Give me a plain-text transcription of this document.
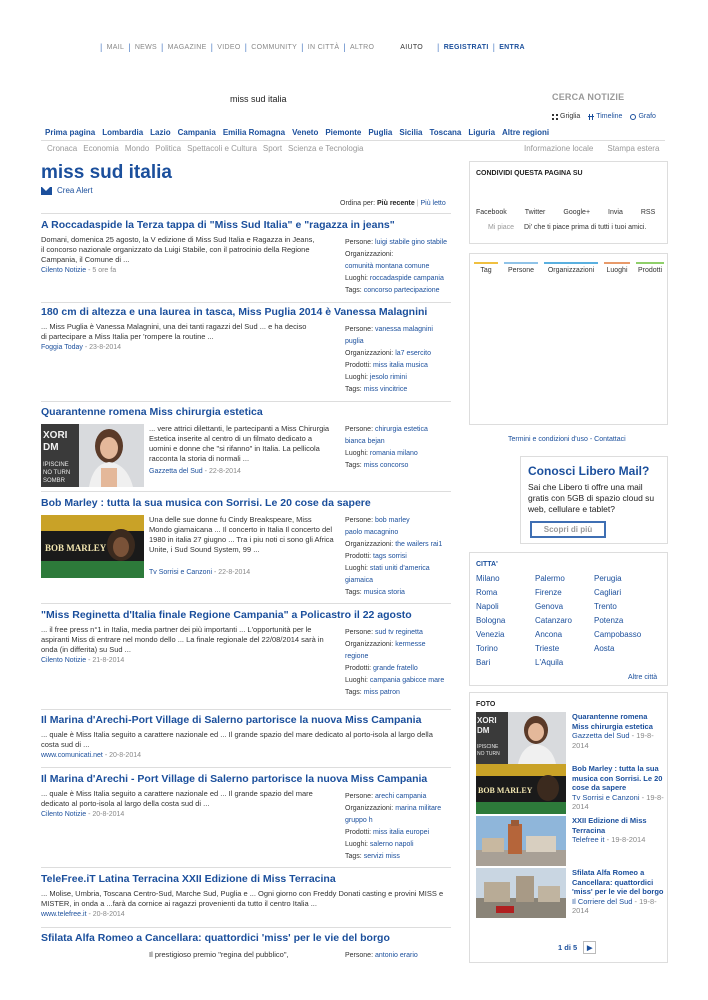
| MAIL | NEWS | MAGAZINE | VIDEO | COMMUNITY | IN CITTÀ | ALTRO	AIUTO | REGISTRATI | ENTRA
miss sud italia
CERCA NOTIZIE
Griglia Timeline Grafo
Prima pagina Lombardia Lazio Campania Emilia Romagna Veneto Piemonte Puglia Sicilia Toscana Liguria Altre regioni
Cronaca Economia Mondo Politica Spettacoli e Cultura Sport Scienza e Tecnologia	Informazione locale Stampa estera
miss sud italia
Crea Alert
Ordina per: Più recente | Più letto
A Roccadaspide la Terza tappa di "Miss Sud Italia" e "ragazza in jeans"
Domani, domenica 25 agosto, la V edizione di Miss Sud Italia e Ragazza in Jeans, il concorso nazionale organizzato da Luigi Stabile, con il patrocinio della Regione Campania, il Comune di ...
Cilento Notizie - 5 ore fa
Persone: luigi stabile gino stabile
Organizzazioni:
comunità montana comune
Luoghi: roccadaspide campania
Tags: concorso partecipazione
180 cm di altezza e una laurea in tasca, Miss Puglia 2014 è Vanessa Malagnini
... Miss Puglia è Vanessa Malagnini, una dei tanti ragazzi del Sud ... e ha deciso di partecipare a Miss Italia per 'rompere la routine ...
Foggia Today - 23-8-2014
Persone: vanessa malagnini
puglia
Organizzazioni: la7 esercito
Prodotti: miss italia musica
Luoghi: jesolo rimini
Tags: miss vincitrice
Quarantenne romena Miss chirurgia estetica
XORI
DM
IPISCINE
NO TURN
SOMBR
... vere attrici dilettanti, le partecipanti a Miss Chirurgia Estetica inserite al centro di un filmato dedicato a uomini e donne che "si rifanno" in Italia. La pellicola racconta la storia di normali ...
Gazzetta del Sud - 22-8-2014
Persone: chirurgia estetica
bianca bejan
Luoghi: romania milano
Tags: miss concorso
Bob Marley : tutta la sua musica con Sorrisi. Le 20 cose da sapere
BOB MARLEY
Una delle sue donne fu Cindy Breakspeare, Miss Mondo giamaicana ... Il concerto in Italia Il concerto del 1980 in italia 27 giugno ... Tra i piu noti ci sono gli Africa Unite, i Sud Sound System, 99 ...
Tv Sorrisi e Canzoni - 22-8-2014
Persone: bob marley
paolo macagnino
Organizzazioni: the wailers rai1
Prodotti: tags sorrisi
Luoghi: stati uniti d'america
giamaica
Tags: musica storia
"Miss Reginetta d'Italia finale Regione Campania" a Policastro il 22 agosto
... il free press n°1 in Italia, media partner dei più importanti ... L'opportunità per le aspiranti Miss di entrare nel mondo dello ... La finale regionale del 22/08/2014 sarà in onda (in differita) su Sud ...
Cilento Notizie - 21-8-2014
Persone: sud tv reginetta
Organizzazioni: kermesse
regione
Prodotti: grande fratello
Luoghi: campania gabicce mare
Tags: miss patron
Il Marina d'Arechi-Port Village di Salerno partorisce la nuova Miss Campania
... quale è Miss Italia seguito a carattere nazionale ed ... Il grande spazio del mare dedicato al porto-isola al largo della costa sud di ...
www.comunicati.net - 20-8-2014
Il Marina d'Arechi - Port Village di Salerno partorisce la nuova Miss Campania
... quale è Miss Italia seguito a carattere nazionale ed ... Il grande spazio del mare dedicato al porto-isola al largo della costa sud di ...
Cilento Notizie - 20-8-2014
Persone: arechi campania
Organizzazioni: marina militare
gruppo h
Prodotti: miss italia europei
Luoghi: salerno napoli
Tags: servizi miss
TeleFree.iT Latina Terracina XXII Edizione di Miss Terracina
... Molise, Umbria, Toscana Centro-Sud, Marche Sud, Puglia e ... Ogni giorno con Freddy Donati casting e provini MISS e MISTER, in onda a ...farà da cornice ai ragazzi provenienti da tutto il centro Italia ...
www.telefree.it - 20-8-2014
Sfilata Alfa Romeo a Cancellara: quattordici 'miss' per le vie del borgo
Il prestigioso premio "regina del pubblico",	Persone: antonio erario
CONDIVIDI QUESTA PAGINA SU
Facebook	Twitter	Google+	Invia	RSS
Mi piace Di' che ti piace prima di tutti i tuoi amici.
Tag	Persone	Organizzazioni	Luoghi	Prodotti
Termini e condizioni d'uso - Contattaci
Conosci Libero Mail?
Sai che Libero ti offre una mail gratis con 5GB di spazio cloud su web, cellulare e tablet?
Scopri di più
CITTA'
Milano	Palermo	Perugia
Roma	Firenze	Cagliari
Napoli	Genova	Trento
Bologna	Catanzaro	Potenza
Venezia	Ancona	Campobasso
Torino	Trieste	Aosta
Bari	L'Aquila
Altre città
FOTO
XORI
DM
IPISCINE
NO TURN
Quarantenne romena Miss chirurgia estetica
Gazzetta del Sud - 19-8-2014
BOB MARLEY
Bob Marley : tutta la sua musica con Sorrisi. Le 20 cose da sapere
Tv Sorrisi e Canzoni - 19-8-2014
XXII Edizione di Miss Terracina
Telefree it - 19-8-2014
Sfilata Alfa Romeo a Cancellara: quattordici 'miss' per le vie del borgo
Il Corriere del Sud - 19-8-2014
1 di 5	▶
